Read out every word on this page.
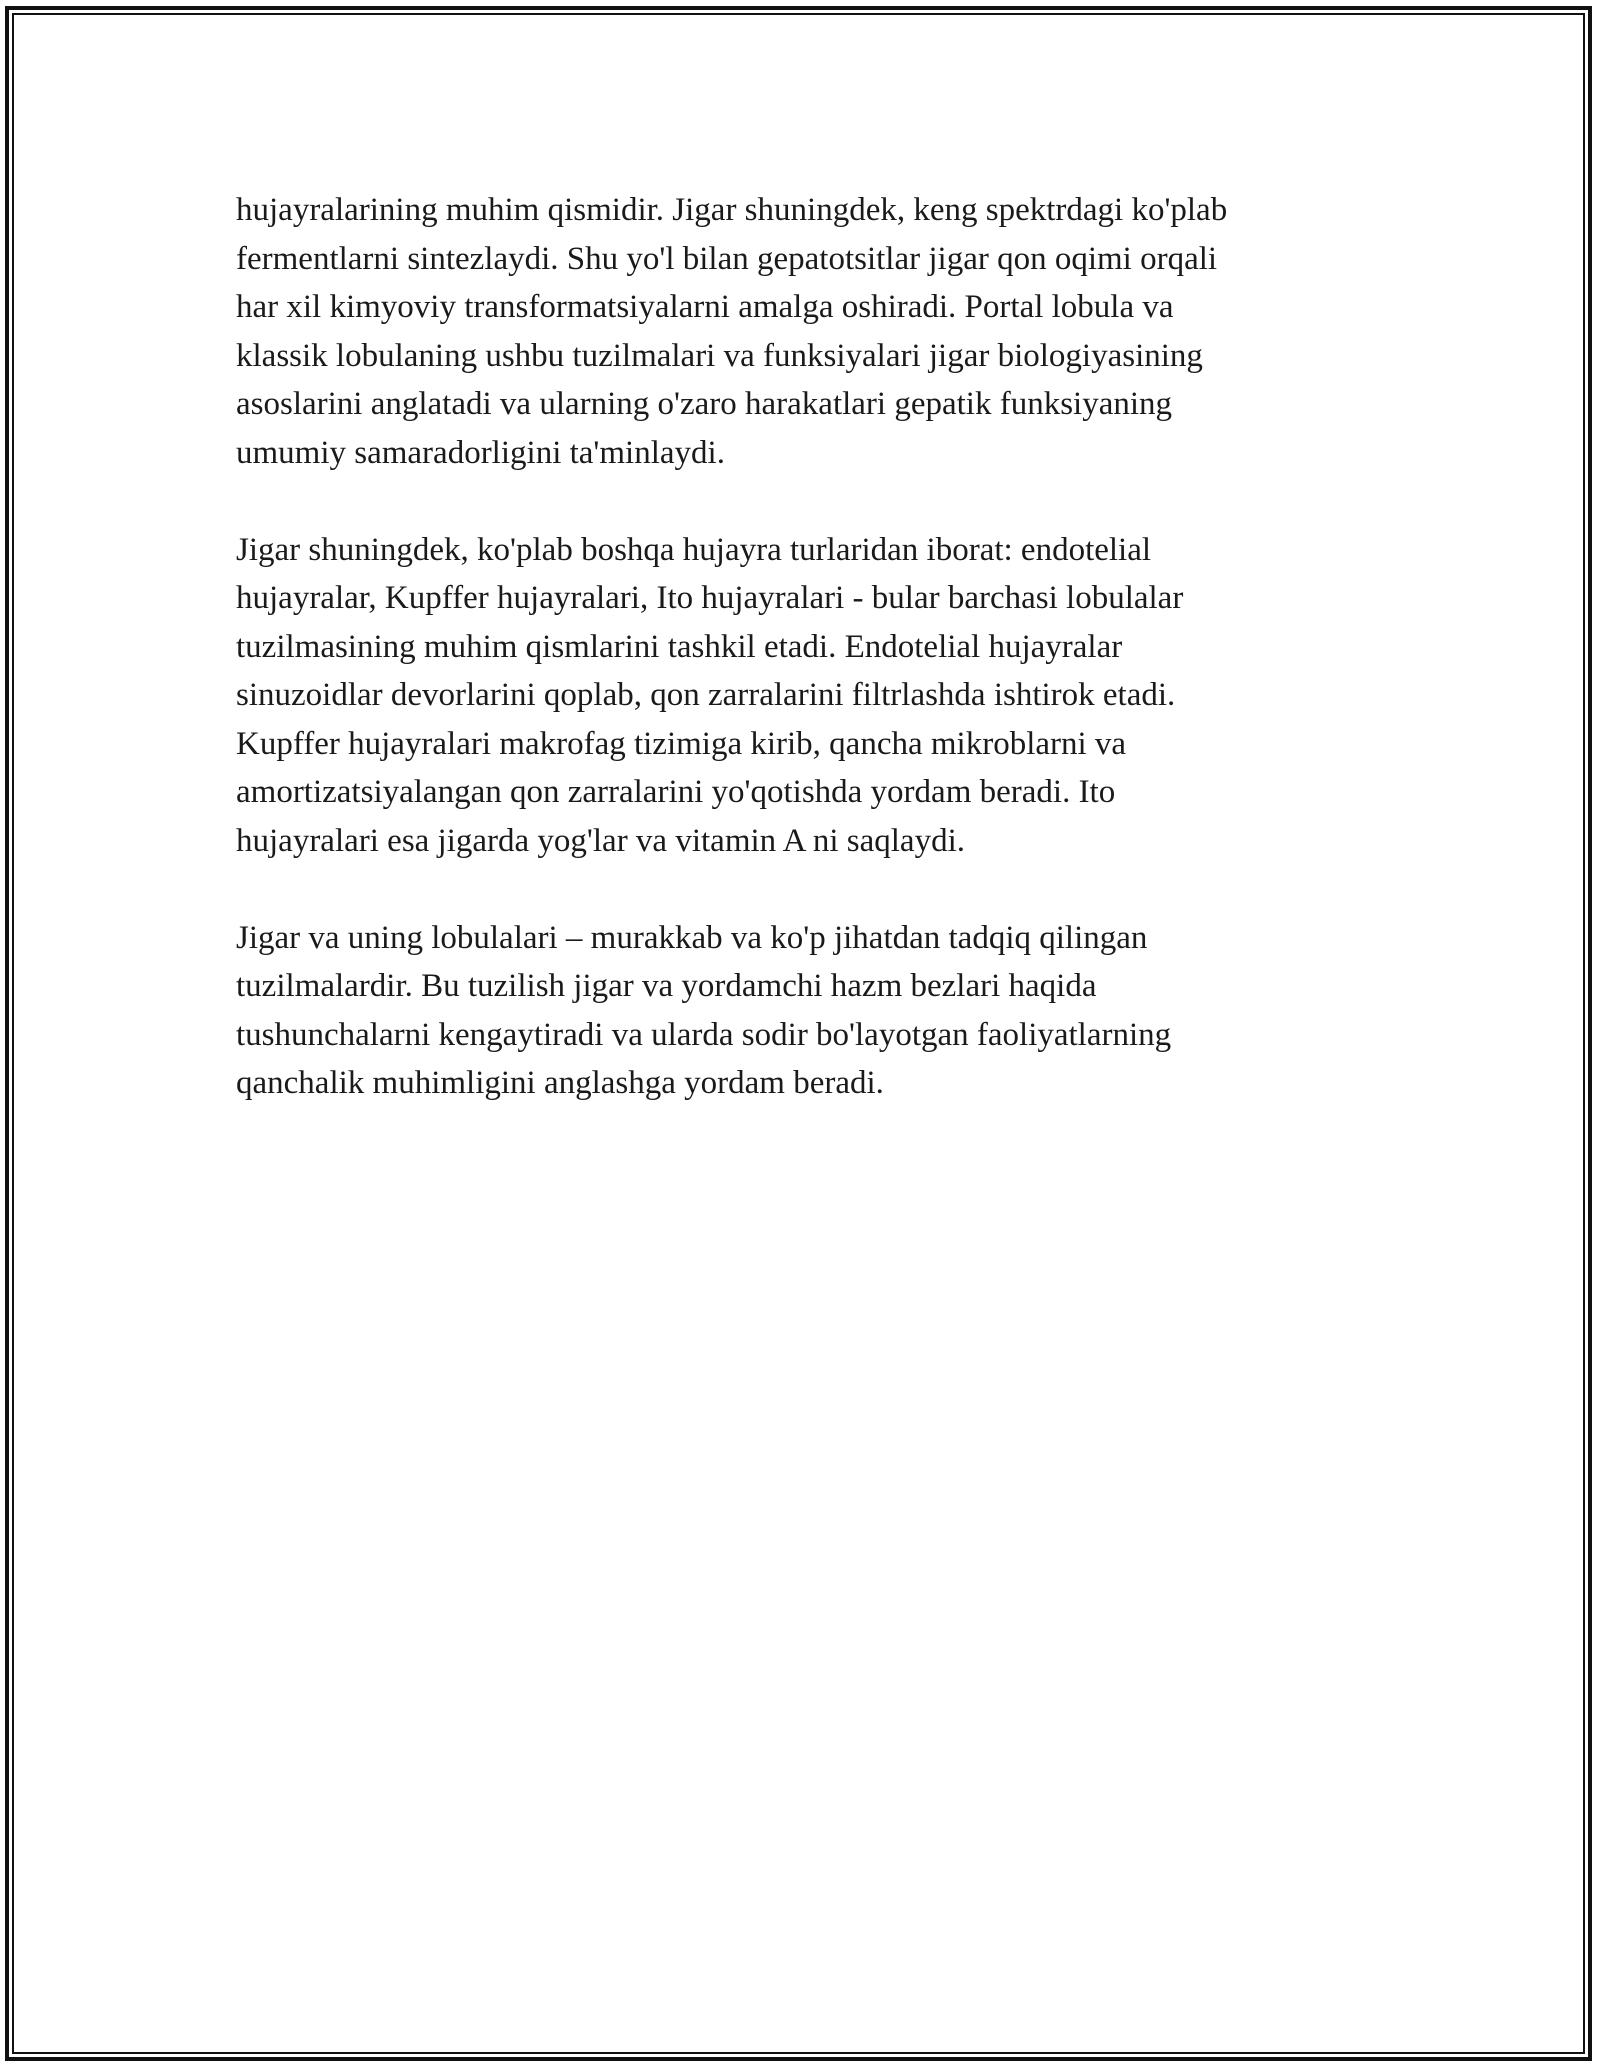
hujayralarining muhim qismidir. Jigar shuningdek, keng spektrdagi ko'plab
fermentlarni sintezlaydi. Shu yo'l bilan gepatotsitlar jigar qon oqimi orqali
har xil kimyoviy transformatsiyalarni amalga oshiradi. Portal lobula va
klassik lobulaning ushbu tuzilmalari va funksiyalari jigar biologiyasining
asoslarini anglatadi va ularning o'zaro harakatlari gepatik funksiyaning
umumiy samaradorligini ta'minlaydi.

Jigar shuningdek, ko'plab boshqa hujayra turlaridan iborat: endotelial
hujayralar, Kupffer hujayralari, Ito hujayralari - bular barchasi lobulalar
tuzilmasining muhim qismlarini tashkil etadi. Endotelial hujayralar
sinuzoidlar devorlarini qoplab, qon zarralarini filtrlashda ishtirok etadi.
Kupffer hujayralari makrofag tizimiga kirib, qancha mikroblarni va
amortizatsiyalangan qon zarralarini yo'qotishda yordam beradi. Ito
hujayralari esa jigarda yog'lar va vitamin A ni saqlaydi.

Jigar va uning lobulalari – murakkab va ko'p jihatdan tadqiq qilingan
tuzilmalardir. Bu tuzilish jigar va yordamchi hazm bezlari haqida
tushunchalarni kengaytiradi va ularda sodir bo'layotgan faoliyatlarning
qanchalik muhimligini anglashga yordam beradi.
